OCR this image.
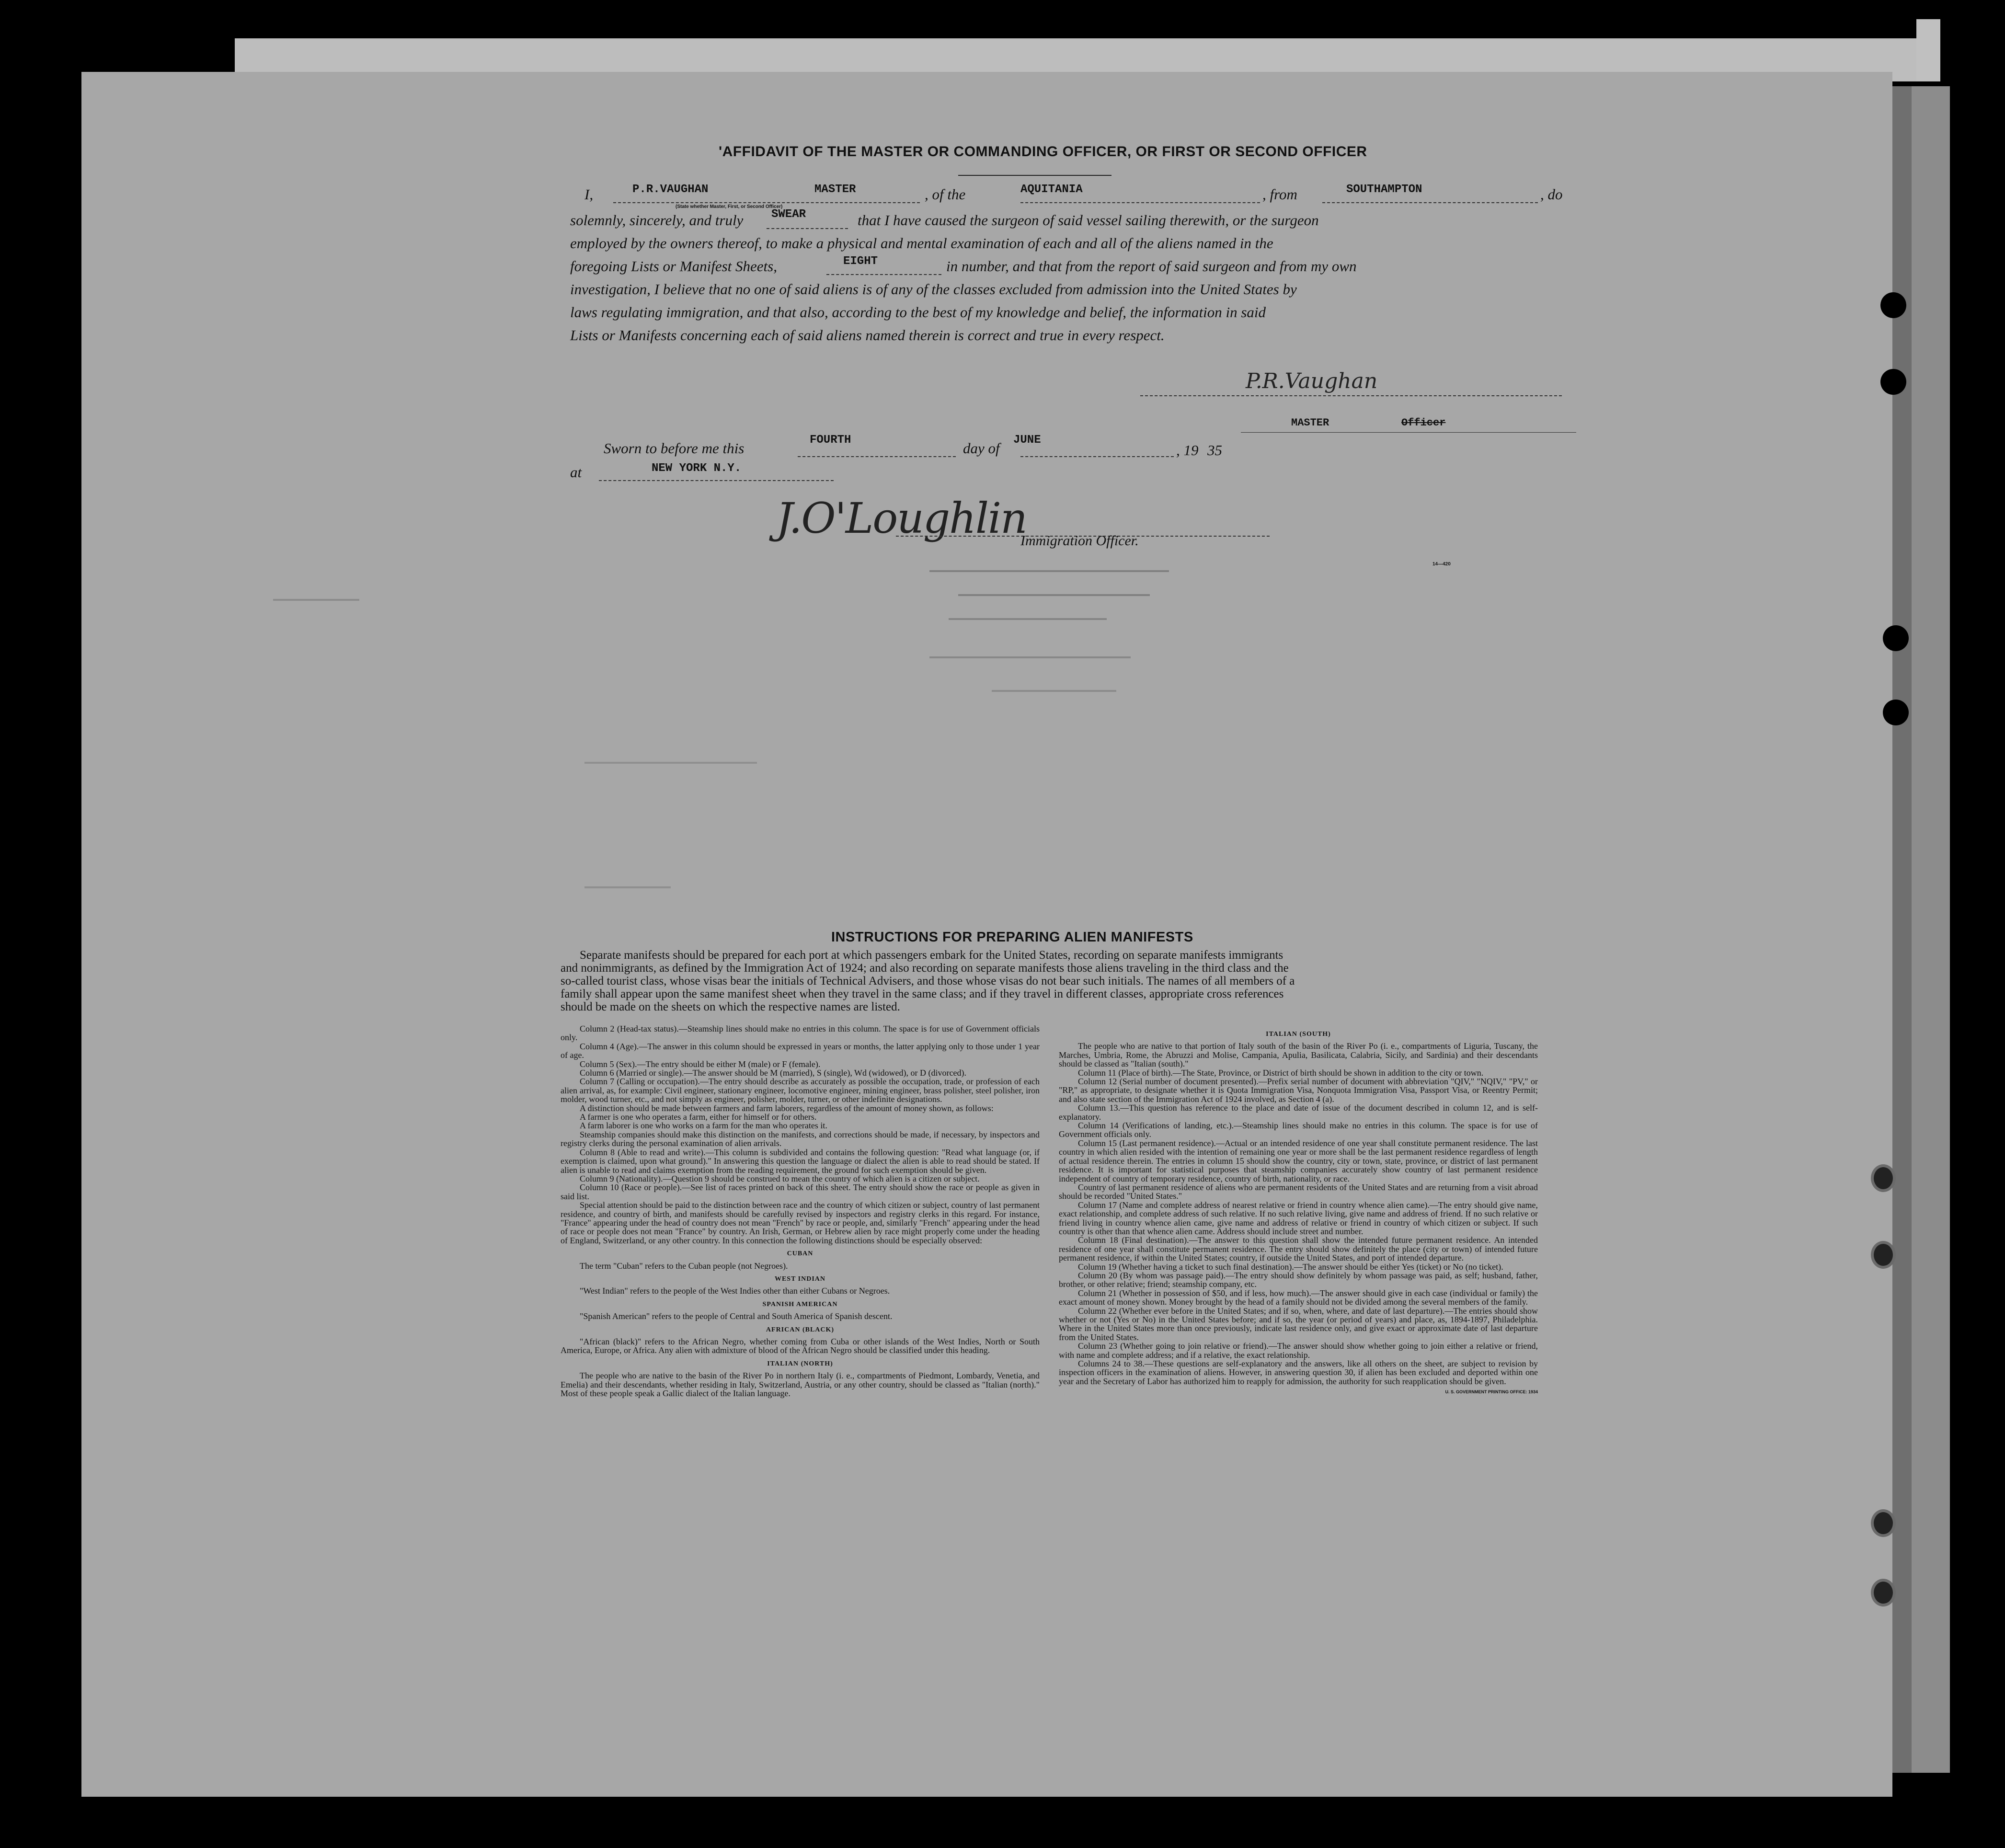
'AFFIDAVIT OF THE MASTER OR COMMANDING OFFICER, OR FIRST OR SECOND OFFICER
I,	P.R.VAUGHAN	MASTER
(State whether Master, First, or Second Officer)
, of the	AQUITANIA	, from	SOUTHAMPTON	, do
solemnly, sincerely, and truly SWEAR	that I have caused the surgeon of said vessel sailing therewith, or the surgeon
employed by the owners thereof, to make a physical and mental examination of each and all of the aliens named in the
foregoing Lists or Manifest Sheets,	EIGHT	in number, and that from the report of said surgeon and from my own
investigation, I believe that no one of said aliens is of any of the classes excluded from admission into the United States by
laws regulating immigration, and that also, according to the best of my knowledge and belief, the information in said
Lists or Manifests concerning each of said aliens named therein is correct and true in every respect.
P.R.Vaughan
MASTER	Officer
Sworn to before me this	FOURTH	day of JUNE
, 19 35
at	NEW YORK N.Y.
J.O'Loughlin
Immigration Officer.
14—420
INSTRUCTIONS FOR PREPARING ALIEN MANIFESTS
Separate manifests should be prepared for each port at which passengers embark for the United States, recording on separate manifests immigrants
and nonimmigrants, as defined by the Immigration Act of 1924; and also recording on separate manifests those aliens traveling in the third class and the
so-called tourist class, whose visas bear the initials of Technical Advisers, and those whose visas do not bear such initials. The names of all members of a
family shall appear upon the same manifest sheet when they travel in the same class; and if they travel in different classes, appropriate cross references
should be made on the sheets on which the respective names are listed.

Column 2 (Head-tax status).—Steamship lines should make no entries in this column. The space is for use of Government officials only.

Column 4 (Age).—The answer in this column should be expressed in years or months, the latter applying only to those under 1 year of age.

Column 5 (Sex).—The entry should be either M (male) or F (female).

Column 6 (Married or single).—The answer should be M (married), S (single), Wd (widowed), or D (divorced).

Column 7 (Calling or occupation).—The entry should describe as accurately as possible the occupation, trade, or profession of each alien arrival, as, for example: Civil engineer, stationary engineer, locomotive engineer, mining engineer, brass polisher, steel polisher, iron molder, wood turner, etc., and not simply as engineer, polisher, molder, turner, or other indefinite designations.

A distinction should be made between farmers and farm laborers, regardless of the amount of money shown, as follows:

A farmer is one who operates a farm, either for himself or for others.

A farm laborer is one who works on a farm for the man who operates it.

Steamship companies should make this distinction on the manifests, and corrections should be made, if necessary, by inspectors and registry clerks during the personal examination of alien arrivals.

Column 8 (Able to read and write).—This column is subdivided and contains the following question: "Read what language (or, if exemption is claimed, upon what ground)." In answering this question the language or dialect the alien is able to read should be stated. If alien is unable to read and claims exemption from the reading requirement, the ground for such exemption should be given.

Column 9 (Nationality).—Question 9 should be construed to mean the country of which alien is a citizen or subject.

Column 10 (Race or people).—See list of races printed on back of this sheet. The entry should show the race or people as given in said list.

Special attention should be paid to the distinction between race and the country of which citizen or subject, country of last permanent residence, and country of birth, and manifests should be carefully revised by inspectors and registry clerks in this regard. For instance, "France" appearing under the head of country does not mean "French" by race or people, and, similarly "French" appearing under the head of race or people does not mean "France" by country. An Irish, German, or Hebrew alien by race might properly come under the heading of England, Switzerland, or any other country. In this connection the following distinctions should be especially observed:

CUBAN

The term "Cuban" refers to the Cuban people (not Negroes).

WEST INDIAN

"West Indian" refers to the people of the West Indies other than either Cubans or Negroes.

SPANISH AMERICAN

"Spanish American" refers to the people of Central and South America of Spanish descent.

AFRICAN (BLACK)

"African (black)" refers to the African Negro, whether coming from Cuba or other islands of the West Indies, North or South America, Europe, or Africa. Any alien with admixture of blood of the African Negro should be classified under this heading.

ITALIAN (NORTH)

The people who are native to the basin of the River Po in northern Italy (i. e., compartments of Piedmont, Lombardy, Venetia, and Emelia) and their descendants, whether residing in Italy, Switzerland, Austria, or any other country, should be classed as "Italian (north)." Most of these people speak a Gallic dialect of the Italian language.

ITALIAN (SOUTH)

The people who are native to that portion of Italy south of the basin of the River Po (i. e., compartments of Liguria, Tuscany, the Marches, Umbria, Rome, the Abruzzi and Molise, Campania, Apulia, Basilicata, Calabria, Sicily, and Sardinia) and their descendants should be classed as "Italian (south)."

Column 11 (Place of birth).—The State, Province, or District of birth should be shown in addition to the city or town.

Column 12 (Serial number of document presented).—Prefix serial number of document with abbreviation "QIV," "NQIV," "PV," or "RP," as appropriate, to designate whether it is Quota Immigration Visa, Nonquota Immigration Visa, Passport Visa, or Reentry Permit; and also state section of the Immigration Act of 1924 involved, as Section 4 (a).

Column 13.—This question has reference to the place and date of issue of the document described in column 12, and is self-explanatory.

Column 14 (Verifications of landing, etc.).—Steamship lines should make no entries in this column. The space is for use of Government officials only.

Column 15 (Last permanent residence).—Actual or an intended residence of one year shall constitute permanent residence. The last country in which alien resided with the intention of remaining one year or more shall be the last permanent residence regardless of length of actual residence therein. The entries in column 15 should show the country, city or town, state, province, or district of last permanent residence. It is important for statistical purposes that steamship companies accurately show country of last permanent residence independent of country of temporary residence, country of birth, nationality, or race.

Country of last permanent residence of aliens who are permanent residents of the United States and are returning from a visit abroad should be recorded "United States."

Column 17 (Name and complete address of nearest relative or friend in country whence alien came).—The entry should give name, exact relationship, and complete address of such relative. If no such relative living, give name and address of friend. If no such relative or friend living in country whence alien came, give name and address of relative or friend in country of which citizen or subject. If such country is other than that whence alien came. Address should include street and number.

Column 18 (Final destination).—The answer to this question shall show the intended future permanent residence. An intended residence of one year shall constitute permanent residence. The entry should show definitely the place (city or town) of intended future permanent residence, if within the United States; country, if outside the United States, and port of intended departure.

Column 19 (Whether having a ticket to such final destination).—The answer should be either Yes (ticket) or No (no ticket).

Column 20 (By whom was passage paid).—The entry should show definitely by whom passage was paid, as self; husband, father, brother, or other relative; friend; steamship company, etc.

Column 21 (Whether in possession of $50, and if less, how much).—The answer should give in each case (individual or family) the exact amount of money shown. Money brought by the head of a family should not be divided among the several members of the family.

Column 22 (Whether ever before in the United States; and if so, when, where, and date of last departure).—The entries should show whether or not (Yes or No) in the United States before; and if so, the year (or period of years) and place, as, 1894-1897, Philadelphia. Where in the United States more than once previously, indicate last residence only, and give exact or approximate date of last departure from the United States.

Column 23 (Whether going to join relative or friend).—The answer should show whether going to join either a relative or friend, with name and complete address; and if a relative, the exact relationship.

Columns 24 to 38.—These questions are self-explanatory and the answers, like all others on the sheet, are subject to revision by inspection officers in the examination of aliens. However, in answering question 30, if alien has been excluded and deported within one year and the Secretary of Labor has authorized him to reapply for admission, the authority for such reapplication should be given.

U. S. GOVERNMENT PRINTING OFFICE: 1934
